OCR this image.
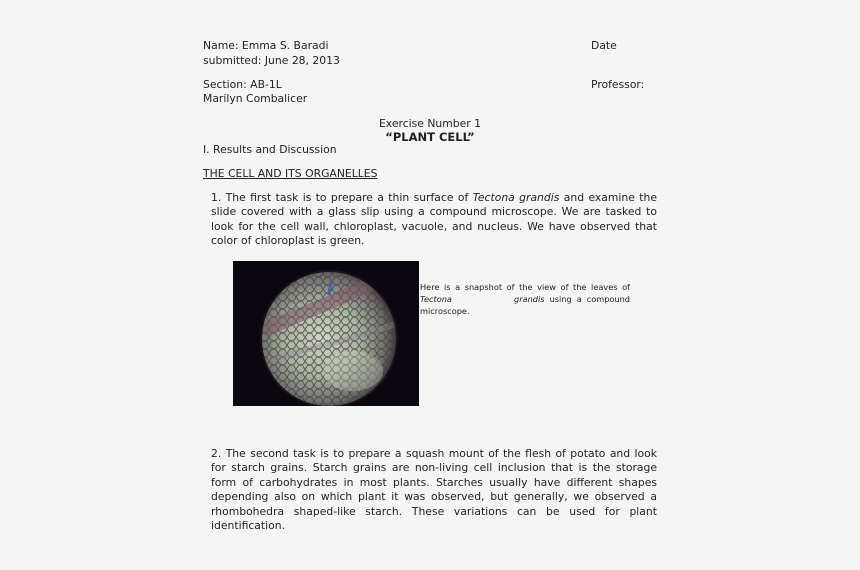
Name: Emma S. Baradi	Date
submitted: June 28, 2013
Section: AB-1L	Professor:
Marilyn Combalicer
Exercise Number 1
“PLANT CELL”
I. Results and Discussion
THE CELL AND ITS ORGANELLES
1. The first task is to prepare a thin surface of Tectona grandis and examine the slide covered with a glass slip using a compound microscope. We are tasked to look for the cell wall, chloroplast, vacuole, and nucleus. We have observed that color of chloroplast is green.
Here is a snapshot of the view of the leaves of Tectona	grandis using a compound microscope.
2. The second task is to prepare a squash mount of the flesh of potato and look for starch grains. Starch grains are non-living cell inclusion that is the storage form of carbohydrates in most plants. Starches usually have different shapes depending also on which plant it was observed, but generally, we observed a rhombohedra shaped-like starch. These variations can be used for plant identification.
